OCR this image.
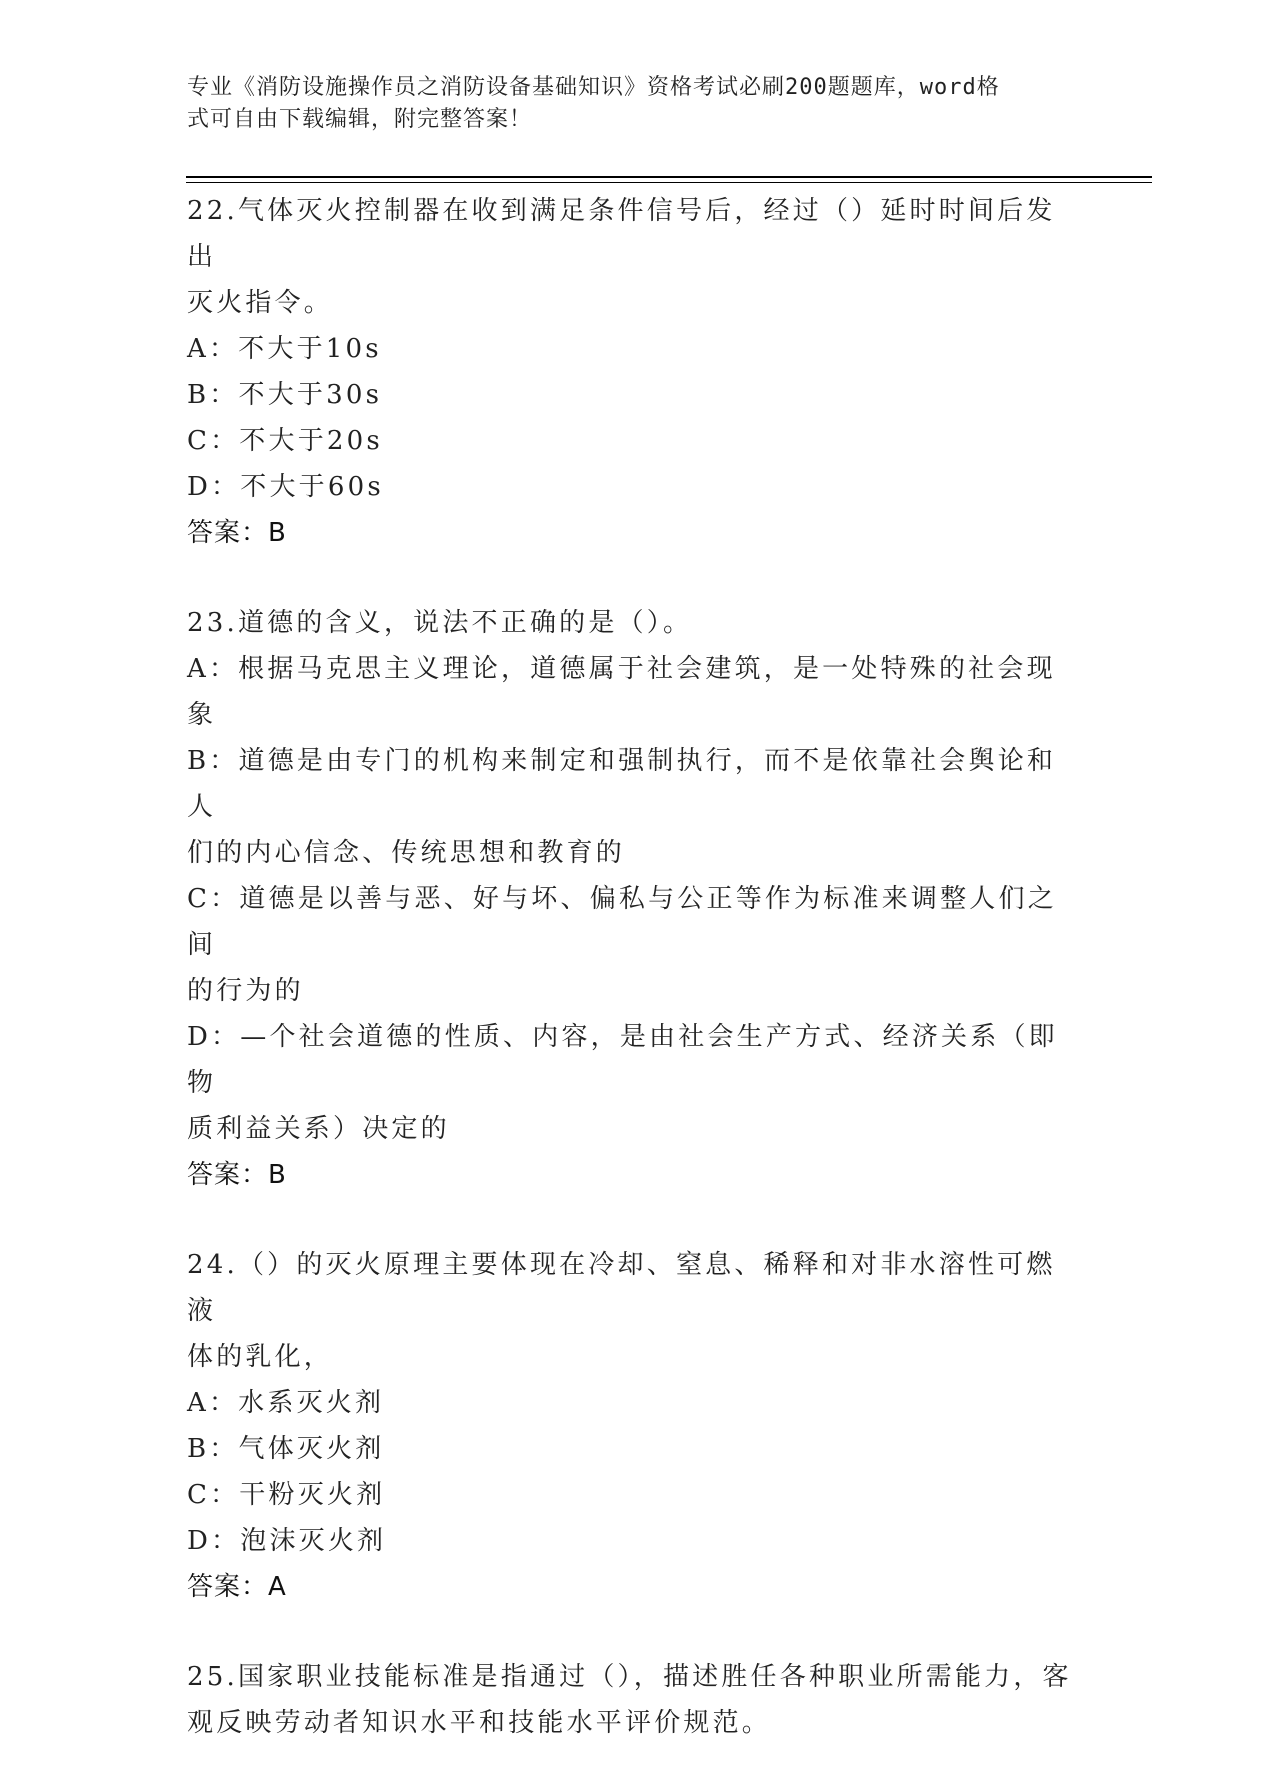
专业《消防设施操作员之消防设备基础知识》资格考试必刷200题题库，word格
式可自由下载编辑，附完整答案！
22.气体灭火控制器在收到满足条件信号后，经过（）延时时间后发出
灭火指令。
A：不大于10s
B：不大于30s
C：不大于20s
D：不大于60s
答案：B
23.道德的含义，说法不正确的是（）。
A：根据马克思主义理论，道德属于社会建筑，是一处特殊的社会现象
B：道德是由专门的机构来制定和强制执行，而不是依靠社会舆论和人
们的内心信念、传统思想和教育的
C：道德是以善与恶、好与坏、偏私与公正等作为标准来调整人们之间
的行为的
D：—个社会道德的性质、内容，是由社会生产方式、经济关系（即物
质利益关系）决定的
答案：B
24.（）的灭火原理主要体现在冷却、窒息、稀释和对非水溶性可燃液
体的乳化，
A：水系灭火剂
B：气体灭火剂
C：干粉灭火剂
D：泡沫灭火剂
答案：A
25.国家职业技能标准是指通过（），描述胜任各种职业所需能力，客
观反映劳动者知识水平和技能水平评价规范。
